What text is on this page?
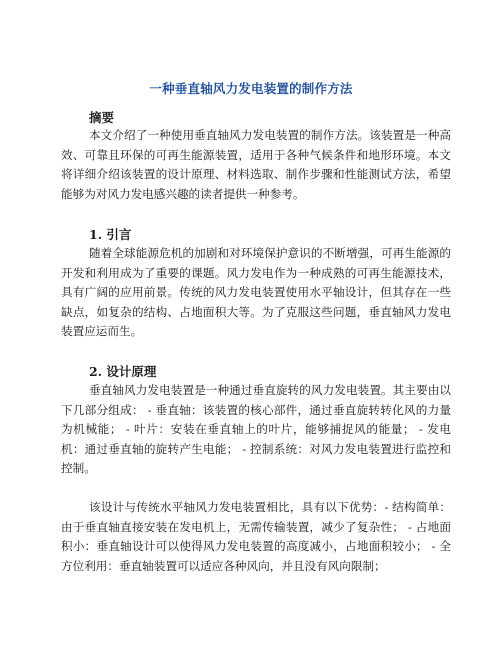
一种垂直轴风力发电装置的制作方法
摘要
本文介绍了一种使用垂直轴风力发电装置的制作方法。该装置是一种高效、可靠且环保的可再生能源装置，适用于各种气候条件和地形环境。本文将详细介绍该装置的设计原理、材料选取、制作步骤和性能测试方法，希望能够为对风力发电感兴趣的读者提供一种参考。
1. 引言
随着全球能源危机的加剧和对环境保护意识的不断增强，可再生能源的开发和利用成为了重要的课题。风力发电作为一种成熟的可再生能源技术，具有广阔的应用前景。传统的风力发电装置使用水平轴设计，但其存在一些缺点，如复杂的结构、占地面积大等。为了克服这些问题，垂直轴风力发电装置应运而生。
2. 设计原理
垂直轴风力发电装置是一种通过垂直旋转的风力发电装置。其主要由以下几部分组成： - 垂直轴：该装置的核心部件，通过垂直旋转转化风的力量为机械能； - 叶片：安装在垂直轴上的叶片，能够捕捉风的能量； - 发电机：通过垂直轴的旋转产生电能； - 控制系统：对风力发电装置进行监控和控制。
该设计与传统水平轴风力发电装置相比，具有以下优势：- 结构简单：由于垂直轴直接安装在发电机上，无需传输装置，减少了复杂性； - 占地面积小：垂直轴设计可以使得风力发电装置的高度减小，占地面积较小； - 全方位利用：垂直轴装置可以适应各种风向，并且没有风向限制；
